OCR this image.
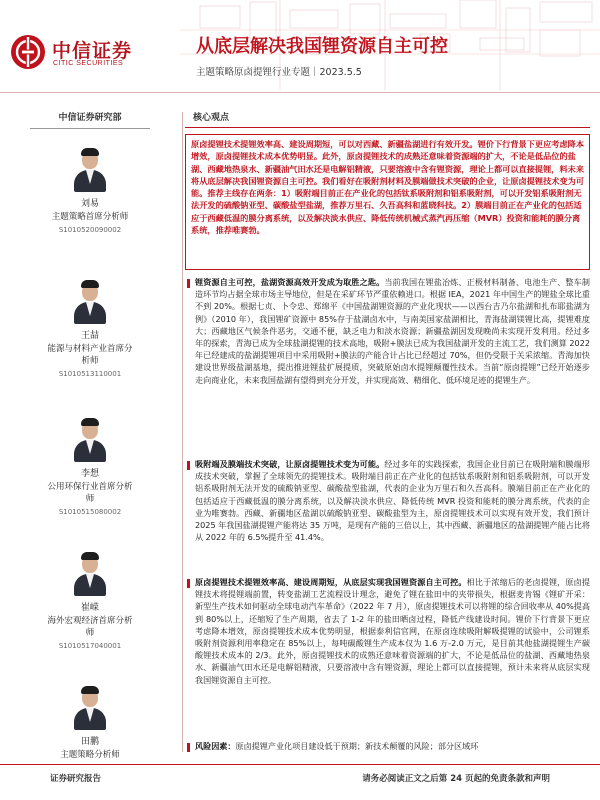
中信证券
CITIC SECURITIES
从底层解决我国锂资源自主可控
主题策略原卤提锂行业专题｜2023.5.5
中信证券研究部
刘易
主题策略首席分析师
S1010520090002
王喆
能源与材料产业首席分析师
S1010513110001
李想
公用环保行业首席分析师
S1010515080002
崔嵘
海外宏观经济首席分析师
S1010517040001
田鹏
主题策略分析师
核心观点

原卤提锂技术提锂效率高、建设周期短，可以对西藏、新疆盐湖进行有效开发。锂价下行背景下更应考虑降本增效，原卤提锂技术成本优势明显。此外，原卤提锂技术的成熟还意味着资源端的扩大，不论是低品位的盐湖、西藏地热泉水、新疆油气田水还是电解铝精液，只要溶液中含有锂资源，理论上都可以直接提锂，料未来将从底层解决我国锂资源自主可控。我们看好在吸附剂材料及膜端做技术突破的企业，让原卤提锂技术变为可能。推荐主线存在两条：1）吸附端目前正在产业化的包括钛系吸附剂和铝系吸附剂，可以开发铝系吸附剂无法开发的硫酸钠亚型、碳酸盐型盐湖，推荐万里石、久吾高科和蓝晓科技。2）膜端目前正在产业化的包括适应于西藏低温的膜分离系统，以及解决淡水供应、降低传统机械式蒸汽再压缩（MVR）投资和能耗的膜分离系统，推荐唯赛勃。

锂资源自主可控，盐湖资源高效开发成为取胜之匙。当前我国在锂盐冶炼、正极材料制备、电池生产、整车制造环节均占据全球市场主导地位，但是在采矿环节严重依赖进口。根据 IEA，2021 年中国生产的锂盐全球比重不到 20%。根据七贞、卜令忠、郑绵平《中国盐湖锂资源的产业化现状——以西台吉乃尔盐湖和扎布耶盐湖为例》（2010 年），我国锂矿资源中 85%存于盐湖卤水中，与南美国家盐湖相比，青海盐湖镁锂比高，提锂难度大；西藏地区气候条件恶劣，交通不便，缺乏电力和淡水资源；新疆盐湖因发现晚尚未实现开发利用。经过多年的探索，青海已成为全球盐湖提锂的技术高地，吸附+膜法已成为我国盐湖开发的主流工艺，我们测算 2022 年已经建成的盐湖提锂项目中采用吸附+膜法的产能合计占比已经超过 70%，但仍受限于关采浓缩。青海加快建设世界级盐湖基地，提出推进锂盐扩展提质，突破原始卤水提锂颠覆性技术。当前“原卤提锂”已经开始逐步走向商业化，未来我国盐湖有望得到充分开发，并实现高效、精细化、低环境足迹的提锂生产。

吸附端及膜端技术突破，让原卤提锂技术变为可能。经过多年的实践探索，我国企业目前已在吸附端和膜端形成技术突破，掌握了全球领先的提锂技术。吸附端目前正在产业化的包括钛系吸附剂和铝系吸附剂，可以开发铝系吸附剂无法开发的硫酸钠亚型、碳酸盐型盐湖，代表的企业为万里石和久吾高科。膜端目前正在产业化的包括适应于西藏低温的膜分离系统，以及解决淡水供应、降低传统 MVR 投资和能耗的膜分离系统，代表的企业为唯赛勃。西藏、新疆地区盐湖以硫酸钠亚型、碳酸盐型为主，原卤提锂技术可以实现有效开发，我们预计 2025 年我国盐湖提锂产能将达 35 万吨，是现有产能的三倍以上，其中西藏、新疆地区的盐湖提锂产能占比将从 2022 年的 6.5%提升至 41.4%。

原卤提锂技术提锂效率高、建设周期短，从底层实现我国锂资源自主可控。相比于浓缩后的老卤提锂，原卤提锂技术将提锂端前置，转变盐湖工艺流程设计理念，避免了锂在盐田中的夹带损失，根据麦肯锡《锂矿开采：新型生产技术如何驱动全球电动汽车革命》（2022 年 7 月），原卤提锂技术可以将锂的综合回收率从 40%提高到 80%以上，还缩短了生产周期，省去了 1-2 年的盐田晒卤过程，降低产线建设时间。锂价下行背景下更应考虑降本增效，原卤提锂技术成本优势明显，根据泰利信官网，在原卤连续吸附解吸提锂的试验中，公司锂系吸附剂资源利用率稳定在 85%以上，每吨碳酸锂生产成本仅为 1.6 万-2.0 万元，是目前其他盐湖提锂生产碳酸锂技术成本的 2/3。此外，原卤提锂技术的成熟还意味着资源端的扩大，不论是低品位的盐湖、西藏地热泉水、新疆油气田水还是电解铝精液，只要溶液中含有锂资源，理论上都可以直接提锂，预计未来将从底层实现我国锂资源自主可控。

风险因素：原卤提锂产业化项目建设低于预期；新技术颠覆的风险；部分区域环

证券研究报告	请务必阅读正文之后第 24 页起的免责条款和声明
